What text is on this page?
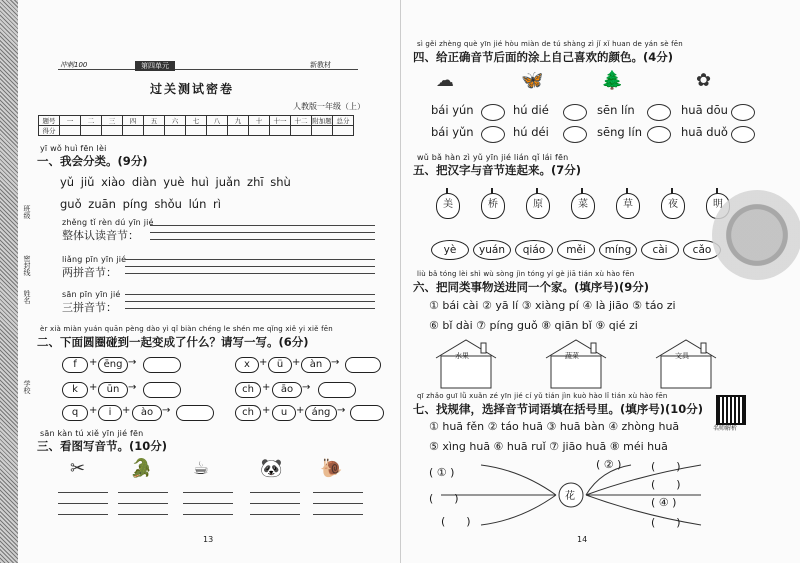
班级
密封线
姓名
学校
冲刺100	第四单元	新教材
过关测试密卷
人教版一年级（上）
题号	一	二	三	四	五	六	七	八	九	十	十一	十二	附加题	总分
得分														
yī wǒ huì fēn lèi
一、我会分类。(9分)
yǔ jiǔ xiào diàn yuè huì juǎn zhī shù
guǒ zuān píng shǒu lún rì
zhěng tǐ rèn dú yīn jié
整体认读音节：
liǎng pīn yīn jié
两拼音节：
sān pīn yīn jié
三拼音节：
èr xià miàn yuán quān pèng dào yì qǐ biàn chéng le shén me qǐng xiě yi xiě fēn
二、下面圆圈碰到一起变成了什么？请写一写。(6分)
f	+ ēng →
k	+ ūn →
q	+	i	+	ào →
x + ü + àn →
ch +	āo →
ch +	u + áng →
sān kàn tú xiě yīn jié fēn
三、看图写音节。(10分)
✂ 🐊 ☕	🐼 🐌
13
sì gěi zhèng què yīn jié hòu miàn de tú shàng zì jǐ xǐ huan de yán sè fēn
四、给正确音节后面的涂上自己喜欢的颜色。(4分)
☁	🦋	🌲	✿
bái yún
bái yǔn
hú dié
hú déi
sēn lín
sēng lín
huā dōu
huā duǒ
wǔ bǎ hàn zì yǔ yīn jié lián qǐ lái fēn
五、把汉字与音节连起来。(7分)
美	桥	原	菜	草	夜	明
yè	yuán	qiáo	měi	míng	cài	cǎo
liù bǎ tóng lèi shì wù sòng jìn tóng yí gè jiā tián xù hào fēn
六、把同类事物送进同一个家。(填序号)(9分)
① bái cài ② yā lí ③ xiàng pí ④ là jiāo ⑤ táo zi
⑥ bǐ dài ⑦ píng guǒ ⑧ qiān bǐ ⑨ qié zi
水果	蔬菜	文具
qī zhǎo guī lǜ xuǎn zé yīn jié cí yǔ tián jìn kuò hào lǐ tián xù hào fēn
七、找规律，选择音节词语填在括号里。(填序号)(10分)
① huā fěn ② táo huā ③ huā bàn ④ zhòng huā
⑤ xìng huā ⑥ huā ruǐ ⑦ jiāo huā ⑧ méi huā
名师解析
花
( ① )
( ② )
( ④ )
(      )
(      )
(      )
(      )
(      )
14
